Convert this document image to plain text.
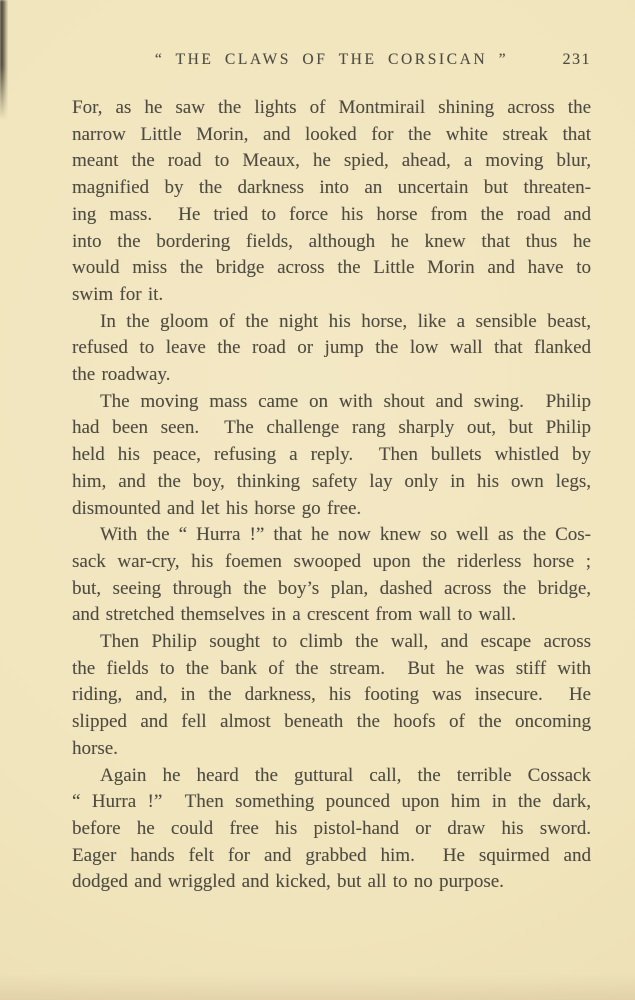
“ THE CLAWS OF THE CORSICAN ”	231

For, as he saw the lights of Montmirail shining across the
narrow Little Morin, and looked for the white streak that
meant the road to Meaux, he spied, ahead, a moving blur,
magnified by the darkness into an uncertain but threaten-
ing mass.  He tried to force his horse from the road and
into the bordering fields, although he knew that thus he
would miss the bridge across the Little Morin and have to
swim for it.

In the gloom of the night his horse, like a sensible beast,
refused to leave the road or jump the low wall that flanked
the roadway.

The moving mass came on with shout and swing.  Philip
had been seen.  The challenge rang sharply out, but Philip
held his peace, refusing a reply.  Then bullets whistled by
him, and the boy, thinking safety lay only in his own legs,
dismounted and let his horse go free.

With the “ Hurra !” that he now knew so well as the Cos-
sack war-cry, his foemen swooped upon the riderless horse ;
but, seeing through the boy’s plan, dashed across the bridge,
and stretched themselves in a crescent from wall to wall.

Then Philip sought to climb the wall, and escape across
the fields to the bank of the stream.  But he was stiff with
riding, and, in the darkness, his footing was insecure.  He
slipped and fell almost beneath the hoofs of the oncoming
horse.

Again he heard the guttural call, the terrible Cossack
“ Hurra !”  Then something pounced upon him in the dark,
before he could free his pistol-hand or draw his sword.
Eager hands felt for and grabbed him.  He squirmed and
dodged and wriggled and kicked, but all to no purpose.
